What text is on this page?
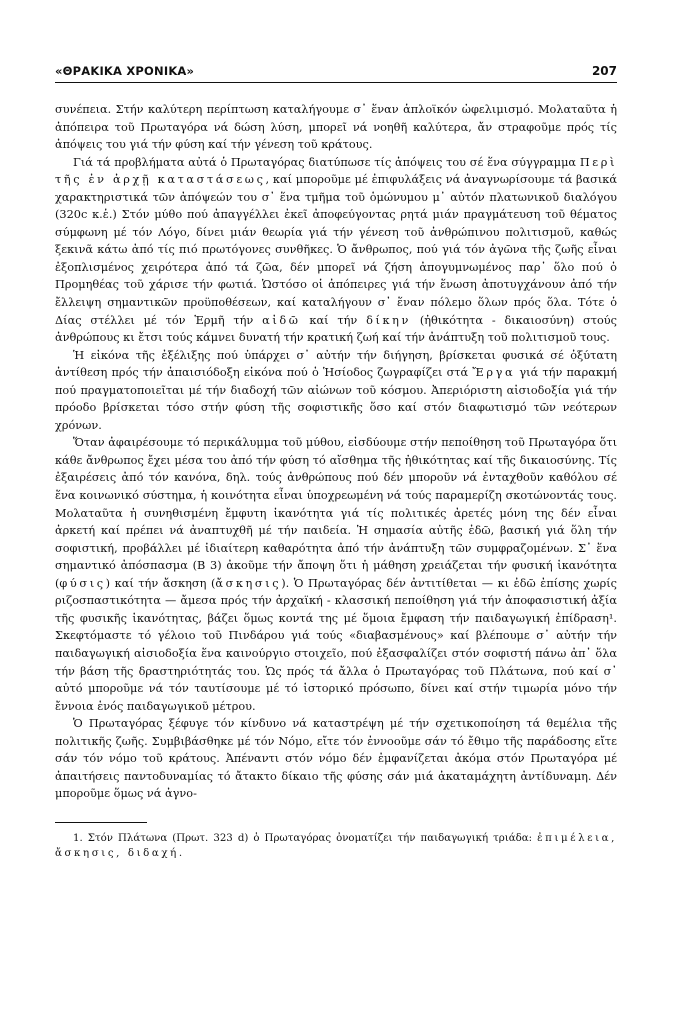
«ΘΡΑΚΙΚΑ ΧΡΟΝΙΚΑ»	207

συνέπεια. Στήν καλύτερη περίπτωση καταλήγουμε σ᾽ ἕναν ἁπλοϊκόν ὠφελιμισμό. Μολαταῦτα ἡ ἀπόπειρα τοῦ Πρωταγόρα νά δώση λύση, μπορεῖ νά νοηθῆ καλύτερα, ἄν στραφοῦμε πρός τίς ἀπόψεις του γιά τήν φύση καί τήν γένεση τοῦ κράτους.

Γιά τά προβλήματα αὐτά ὁ Πρωταγόρας διατύπωσε τίς ἀπόψεις του σέ ἕνα σύγγραμμα Περὶ τῆς ἐν ἀρχῇ καταστάσεως, καί μποροῦμε μέ ἐπιφυλάξεις νά ἀναγνωρίσουμε τά βασικά χαρακτηριστικά τῶν ἀπόψεών του σ᾽ ἕνα τμῆμα τοῦ ὁμώνυμου μ᾽ αὐτόν πλατωνικοῦ διαλόγου (320c κ.ἑ.) Στόν μύθο πού ἀπαγγέλλει ἐκεῖ ἀποφεύγοντας ρητά μιάν πραγμάτευση τοῦ θέματος σύμφωνη μέ τόν Λόγο, δίνει μιάν θεωρία γιά τήν γένεση τοῦ ἀνθρώπινου πολιτισμοῦ, καθώς ξεκινᾶ κάτω ἀπό τίς πιό πρωτόγονες συνθῆκες. Ὁ ἄνθρωπος, πού γιά τόν ἀγῶνα τῆς ζωῆς εἶναι ἐξοπλισμένος χειρότερα ἀπό τά ζῶα, δέν μπορεῖ νά ζήση ἀπογυμνωμένος παρ᾽ ὅλο πού ὁ Προμηθέας τοῦ χάρισε τήν φωτιά. Ὡστόσο οἱ ἀπόπειρες γιά τήν ἕνωση ἀποτυγχάνουν ἀπό τήν ἔλλειψη σημαντικῶν προϋποθέσεων, καί καταλήγουν σ᾽ ἕναν πόλεμο ὅλων πρός ὅλα. Τότε ὁ Δίας στέλλει μέ τόν Ἑρμῆ τήν αἰδῶ καί τήν δίκην (ἠθικότητα - δικαιοσύνη) στούς ἀνθρώπους κι ἔτσι τούς κάμνει δυνατή τήν κρατική ζωή καί τήν ἀνάπτυξη τοῦ πολιτισμοῦ τους.

Ἡ εἰκόνα τῆς ἐξέλιξης πού ὑπάρχει σ᾽ αὐτήν τήν διήγηση, βρίσκεται φυσικά σέ ὀξύτατη ἀντίθεση πρός τήν ἀπαισιόδοξη εἰκόνα πού ὁ Ἡσίοδος ζωγραφίζει στά Ἔργα γιά τήν παρακμή πού πραγματοποιεῖται μέ τήν διαδοχή τῶν αἰώνων τοῦ κόσμου. Ἀπεριόριστη αἰσιοδοξία γιά τήν πρόοδο βρίσκεται τόσο στήν φύση τῆς σοφιστικῆς ὅσο καί στόν διαφωτισμό τῶν νεότερων χρόνων.

Ὅταν ἀφαιρέσουμε τό περικάλυμμα τοῦ μύθου, εἰσδύουμε στήν πεποίθηση τοῦ Πρωταγόρα ὅτι κάθε ἄνθρωπος ἔχει μέσα του ἀπό τήν φύση τό αἴσθημα τῆς ἠθικότητας καί τῆς δικαιοσύνης. Τίς ἐξαιρέσεις ἀπό τόν κανόνα, δηλ. τούς ἀνθρώπους πού δέν μποροῦν νά ἐνταχθοῦν καθόλου σέ ἕνα κοινωνικό σύστημα, ἡ κοινότητα εἶναι ὑποχρεωμένη νά τούς παραμερίζη σκοτώνοντάς τους. Μολαταῦτα ἡ συνηθισμένη ἔμφυτη ἱκανότητα γιά τίς πολιτικές ἀρετές μόνη της δέν εἶναι ἀρκετή καί πρέπει νά ἀναπτυχθῆ μέ τήν παιδεία. Ἡ σημασία αὐτῆς ἐδῶ, βασική γιά ὅλη τήν σοφιστική, προβάλλει μέ ἰδιαίτερη καθαρότητα ἀπό τήν ἀνάπτυξη τῶν συμφραζομένων. Σ᾽ ἕνα σημαντικό ἀπόσπασμα (Β 3) ἀκοῦμε τήν ἄποψη ὅτι ἡ μάθηση χρειάζεται τήν φυσική ἱκανότητα (φύσις) καί τήν ἄσκηση (ἄσκησις). Ὁ Πρωταγόρας δέν ἀντιτίθεται — κι ἐδῶ ἐπίσης χωρίς ριζοσπαστικότητα — ἄμεσα πρός τήν ἀρχαϊκή - κλασσική πεποίθηση γιά τήν ἀποφασιστική ἀξία τῆς φυσικῆς ἱκανότητας, βάζει ὅμως κοντά της μέ ὅμοια ἔμφαση τήν παιδαγωγική ἐπίδραση¹. Σκεφτόμαστε τό γέλοιο τοῦ Πινδάρου γιά τούς «διαβασμένους» καί βλέπουμε σ᾽ αὐτήν τήν παιδαγωγική αἰσιοδοξία ἕνα καινούργιο στοιχεῖο, πού ἐξασφαλίζει στόν σοφιστή πάνω ἀπ᾽ ὅλα τήν βάση τῆς δραστηριότητάς του. Ὡς πρός τά ἄλλα ὁ Πρωταγόρας τοῦ Πλάτωνα, πού καί σ᾽ αὐτό μποροῦμε νά τόν ταυτίσουμε μέ τό ἱστορικό πρόσωπο, δίνει καί στήν τιμωρία μόνο τήν ἔννοια ἑνός παιδαγωγικοῦ μέτρου.

Ὁ Πρωταγόρας ξέφυγε τόν κίνδυνο νά καταστρέψη μέ τήν σχετικοποίηση τά θεμέλια τῆς πολιτικῆς ζωῆς. Συμβιβάσθηκε μέ τόν Νόμο, εἴτε τόν ἐννοοῦμε σάν τό ἔθιμο τῆς παράδοσης εἴτε σάν τόν νόμο τοῦ κράτους. Ἀπέναντι στόν νόμο δέν ἐμφανίζεται ἀκόμα στόν Πρωταγόρα μέ ἀπαιτήσεις παντοδυναμίας τό ἄτακτο δίκαιο τῆς φύσης σάν μιά ἀκαταμάχητη ἀντίδυναμη. Δέν μποροῦμε ὅμως νά ἀγνο-

1. Στόν Πλάτωνα (Πρωτ. 323 d) ὁ Πρωταγόρας ὀνοματίζει τήν παιδαγωγική τριάδα: ἐπιμέλεια, ἄσκησις, διδαχή.
